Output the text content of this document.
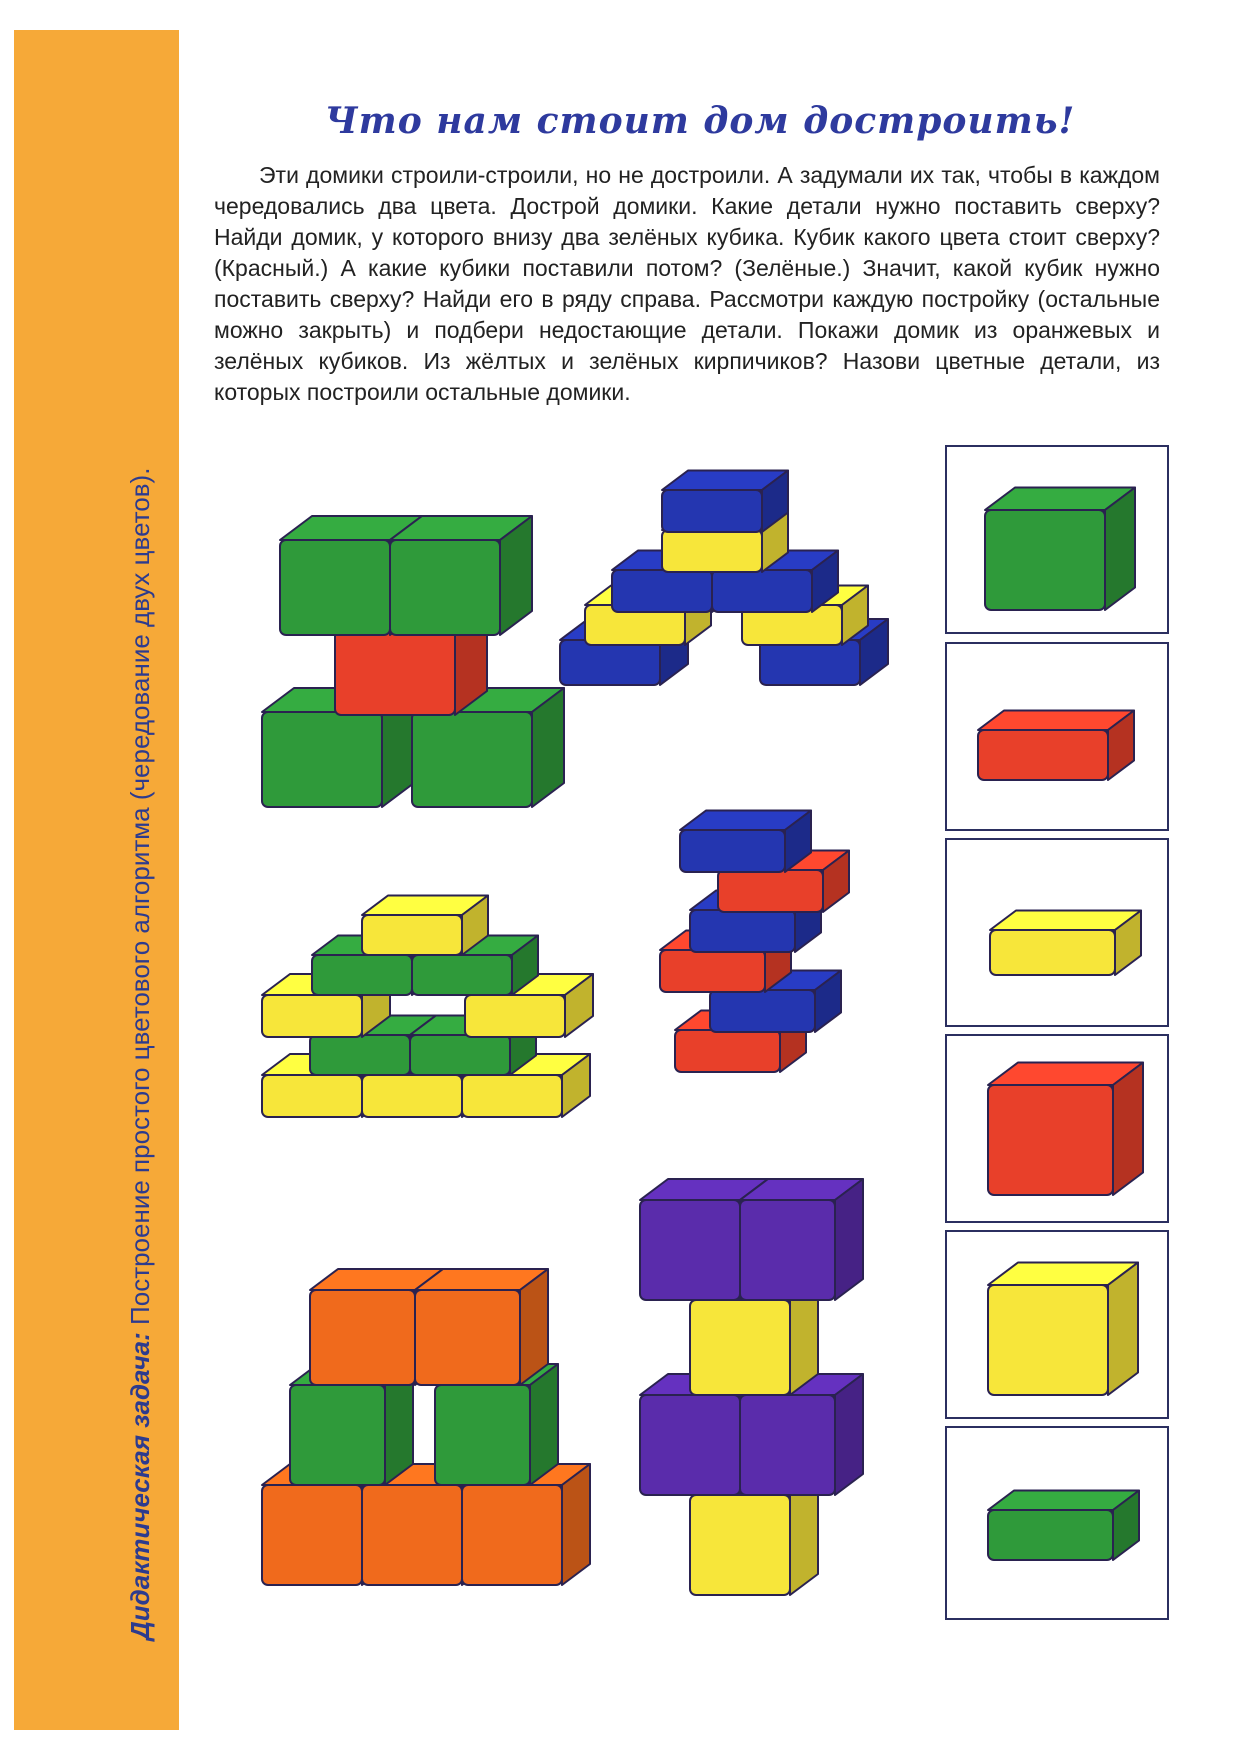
Дидактическая задача: Построение простого цветового алгоритма (чередование двух цветов).
Что нам стоит дом достроить!

Эти домики строили-строили, но не достроили. А задумали их так, чтобы в каждом чередовались два цвета. Дострой домики. Какие детали нужно поставить сверху? Найди домик, у которого внизу два зелёных кубика. Кубик какого цвета стоит сверху? (Красный.) А какие кубики поставили потом? (Зелёные.) Значит, какой кубик нужно поставить сверху? Найди его в ряду справа. Рассмотри каждую постройку (остальные можно закрыть) и подбери недостающие детали. Покажи домик из оранжевых и зелёных кубиков. Из жёлтых и зелёных кирпичиков? Назови цветные детали, из которых построили остальные домики.
